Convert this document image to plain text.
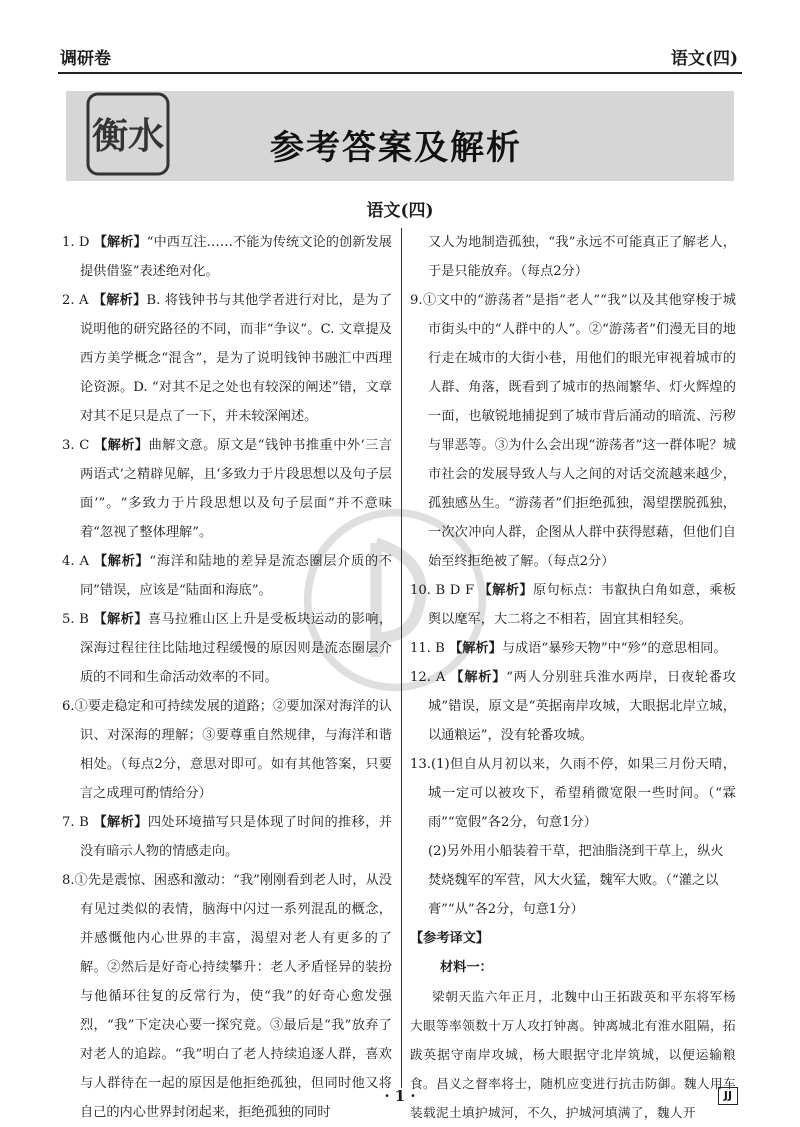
调研卷	语文(四)
衡水	参考答案及解析
语文(四)
1. D 【解析】“中西互注……不能为传统文论的创新发展提供借鉴”表述绝对化。
2. A 【解析】B. 将钱钟书与其他学者进行对比，是为了说明他的研究路径的不同，而非“争议”。C. 文章提及西方美学概念“混含”，是为了说明钱钟书融汇中西理论资源。D. “对其不足之处也有较深的阐述”错，文章对其不足只是点了一下，并未较深阐述。
3. C 【解析】曲解文意。原文是“钱钟书推重中外‘三言两语式’之精辟见解，且‘多致力于片段思想以及句子层面’”。“多致力于片段思想以及句子层面”并不意味着“忽视了整体理解”。
4. A 【解析】“海洋和陆地的差异是流态圈层介质的不同”错误，应该是“陆面和海底”。
5. B 【解析】喜马拉雅山区上升是受板块运动的影响，深海过程往往比陆地过程缓慢的原因则是流态圈层介质的不同和生命活动效率的不同。
6.①要走稳定和可持续发展的道路；②要加深对海洋的认识、对深海的理解；③要尊重自然规律，与海洋和谐相处。（每点2分，意思对即可。如有其他答案，只要言之成理可酌情给分）
7. B 【解析】四处环境描写只是体现了时间的推移，并没有暗示人物的情感走向。
8.①先是震惊、困惑和激动：“我”刚刚看到老人时，从没有见过类似的表情，脑海中闪过一系列混乱的概念，并感慨他内心世界的丰富，渴望对老人有更多的了解。②然后是好奇心持续攀升：老人矛盾怪异的装扮与他循环往复的反常行为，使“我”的好奇心愈发强烈，“我”下定决心要一探究竟。③最后是“我”放弃了对老人的追踪。“我”明白了老人持续追逐人群，喜欢与人群待在一起的原因是他拒绝孤独，但同时他又将自己的内心世界封闭起来，拒绝孤独的同时
又人为地制造孤独，“我”永远不可能真正了解老人，于是只能放弃。（每点2分）
9.①文中的“游荡者”是指“老人”“我”以及其他穿梭于城市街头中的“人群中的人”。②“游荡者”们漫无目的地行走在城市的大街小巷，用他们的眼光审视着城市的人群、角落，既看到了城市的热闹繁华、灯火辉煌的一面，也敏锐地捕捉到了城市背后涌动的暗流、污秽与罪恶等。③为什么会出现“游荡者”这一群体呢？城市社会的发展导致人与人之间的对话交流越来越少，孤独感丛生。“游荡者”们拒绝孤独，渴望摆脱孤独，一次次冲向人群，企图从人群中获得慰藉，但他们自始至终拒绝被了解。（每点2分）
10. B D F 【解析】原句标点：韦叡执白角如意，乘板舆以麾军，大二将之不相若，固宜其相轻矣。
11. B 【解析】与成语“暴殄天物”中“殄”的意思相同。
12. A 【解析】“两人分别驻兵淮水两岸，日夜轮番攻城”错误，原文是“英据南岸攻城，大眼据北岸立城，以通粮运”，没有轮番攻城。
13.(1)但自从月初以来，久雨不停，如果三月份天晴，城一定可以被攻下，希望稍微宽限一些时间。（“霖雨”“宽假”各2分，句意1分）
(2)另外用小船装着干草，把油脂浇到干草上，纵火焚烧魏军的军营，风大火猛，魏军大败。（“灌之以膏”“从”各2分，句意1分）
【参考译文】
材料一：
梁朝天监六年正月，北魏中山王拓跋英和平东将军杨大眼等率领数十万人攻打钟离。钟离城北有淮水阻隔，拓跋英据守南岸攻城，杨大眼据守北岸筑城，以便运输粮食。昌义之督率将士，随机应变进行抗击防御。魏人用车装载泥土填护城河，不久，护城河填满了，魏人开
· 1 ·	JJ
